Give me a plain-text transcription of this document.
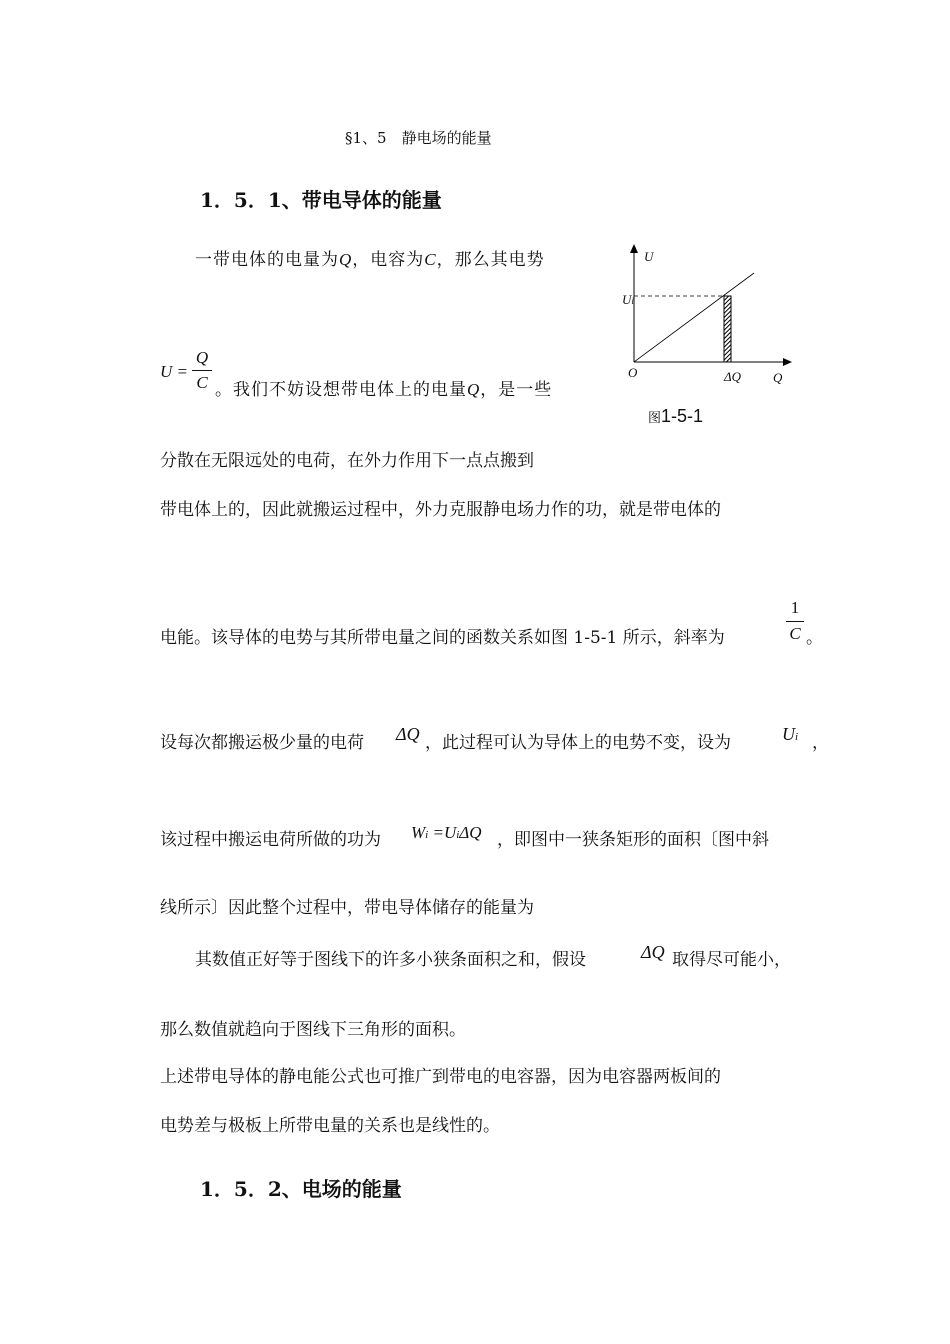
§1、5　静电场的能量
1．5．1、带电导体的能量
一带电体的电量为Q，电容为C，那么其电势
U =
Q
C 。我们不妨设想带电体上的电量Q，是一些
分散在无限远处的电荷，在外力作用下一点点搬到
带电体上的，因此就搬运过程中，外力克服静电场力作的功，就是带电体的
电能。该导体的电势与其所带电量之间的函数关系如图 1-5-1 所示，斜率为
1
C 。
设每次都搬运极少量的电荷 ΔQ ，此过程可认为导体上的电势不变，设为	Ui ，
该过程中搬运电荷所做的功为 Wi =UiΔQ ，即图中一狭条矩形的面积〔图中斜
线所示〕因此整个过程中，带电导体储存的能量为
其数值正好等于图线下的许多小狭条面积之和，假设	ΔQ 取得尽可能小，
那么数值就趋向于图线下三角形的面积。
上述带电导体的静电能公式也可推广到带电的电容器，因为电容器两板间的
电势差与极板上所带电量的关系也是线性的。
1．5．2、电场的能量
U
Ui
O	ΔQ Q
图1-5-1
